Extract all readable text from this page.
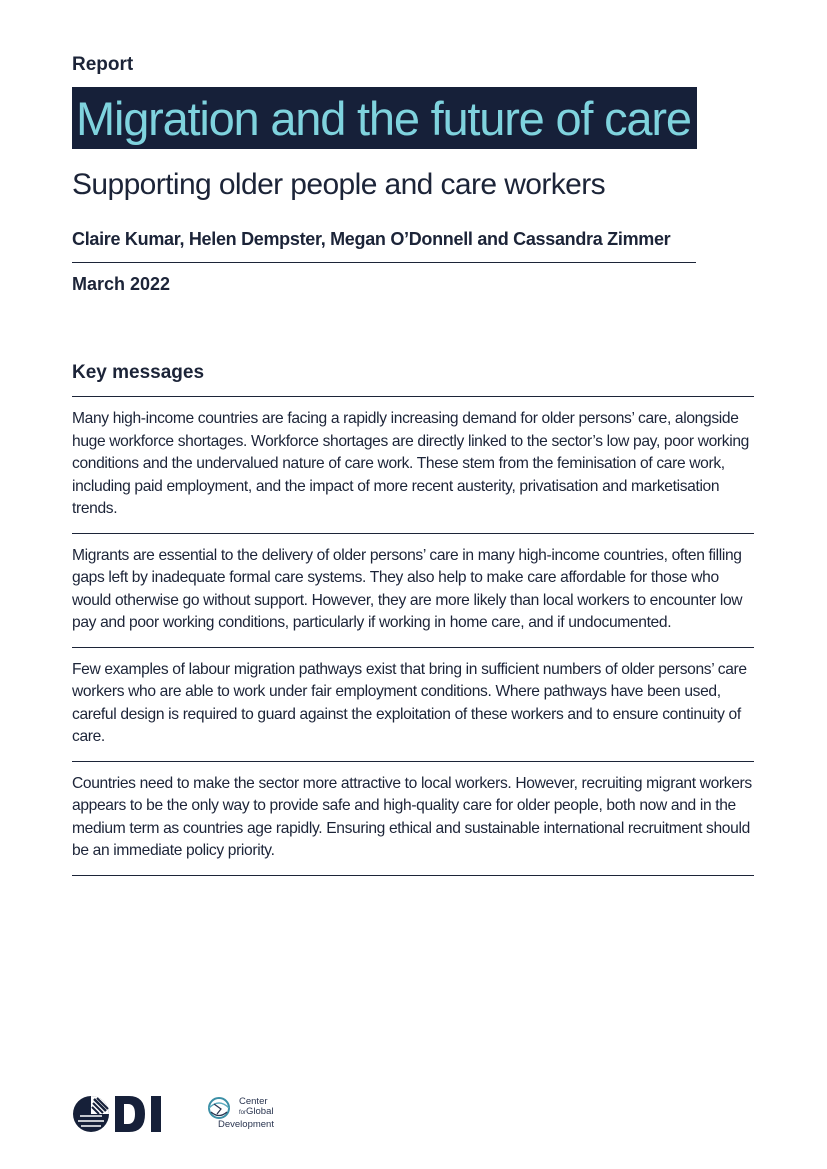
Report
Migration and the future of care
Supporting older people and care workers
Claire Kumar, Helen Dempster, Megan O’Donnell and Cassandra Zimmer
March 2022
Key messages
Many high-income countries are facing a rapidly increasing demand for older persons’ care, alongside huge workforce shortages. Workforce shortages are directly linked to the sector’s low pay, poor working conditions and the undervalued nature of care work. These stem from the feminisation of care work, including paid employment, and the impact of more recent austerity, privatisation and marketisation trends.
Migrants are essential to the delivery of older persons’ care in many high-income countries, often filling gaps left by inadequate formal care systems. They also help to make care affordable for those who would otherwise go without support. However, they are more likely than local workers to encounter low pay and poor working conditions, particularly if working in home care, and if undocumented.
Few examples of labour migration pathways exist that bring in sufficient numbers of older persons’ care workers who are able to work under fair employment conditions. Where pathways have been used, careful design is required to guard against the exploitation of these workers and to ensure continuity of care.
Countries need to make the sector more attractive to local workers. However, recruiting migrant workers appears to be the only way to provide safe and high-quality care for older people, both now and in the medium term as countries age rapidly. Ensuring ethical and sustainable international recruitment should be an immediate policy priority.
Center
forGlobal
Development
